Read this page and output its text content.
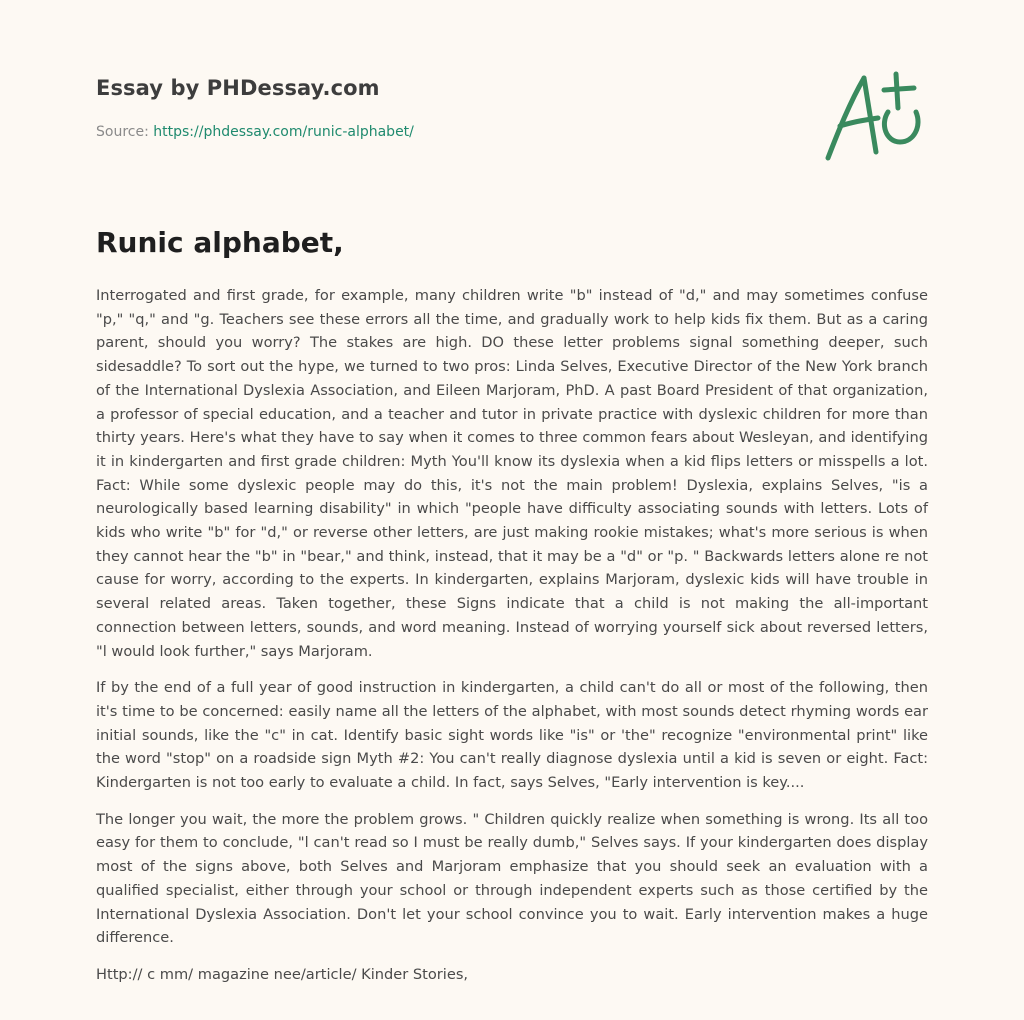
Essay by PHDessay.com

Source: https://phdessay.com/runic-alphabet/

Runic alphabet,

Interrogated and first grade, for example, many children write "b" instead of "d," and may sometimes confuse "p," "q," and "g. Teachers see these errors all the time, and gradually work to help kids fix them. But as a caring parent, should you worry? The stakes are high. DO these letter problems signal something deeper, such sidesaddle? To sort out the hype, we turned to two pros: Linda Selves, Executive Director of the New York branch of the International Dyslexia Association, and Eileen Marjoram, PhD. A past Board President of that organization, a professor of special education, and a teacher and tutor in private practice with dyslexic children for more than thirty years. Here's what they have to say when it comes to three common fears about Wesleyan, and identifying it in kindergarten and first grade children: Myth You'll know its dyslexia when a kid flips letters or misspells a lot. Fact: While some dyslexic people may do this, it's not the main problem! Dyslexia, explains Selves, "is a neurologically based learning disability" in which "people have difficulty associating sounds with letters. Lots of kids who write "b" for "d," or reverse other letters, are just making rookie mistakes; what's more serious is when they cannot hear the "b" in "bear," and think, instead, that it may be a "d" or "p. " Backwards letters alone re not cause for worry, according to the experts. In kindergarten, explains Marjoram, dyslexic kids will have trouble in several related areas. Taken together, these Signs indicate that a child is not making the all-important connection between letters, sounds, and word meaning. Instead of worrying yourself sick about reversed letters, "l would look further," says Marjoram.

If by the end of a full year of good instruction in kindergarten, a child can't do all or most of the following, then it's time to be concerned: easily name all the letters of the alphabet, with most sounds detect rhyming words ear initial sounds, like the "c" in cat. Identify basic sight words like "is" or 'the" recognize "environmental print" like the word "stop" on a roadside sign Myth #2: You can't really diagnose dyslexia until a kid is seven or eight. Fact: Kindergarten is not too early to evaluate a child. In fact, says Selves, "Early intervention is key....

The longer you wait, the more the problem grows. " Children quickly realize when something is wrong. Its all too easy for them to conclude, "l can't read so I must be really dumb," Selves says. If your kindergarten does display most of the signs above, both Selves and Marjoram emphasize that you should seek an evaluation with a qualified specialist, either through your school or through independent experts such as those certified by the International Dyslexia Association. Don't let your school convince you to wait. Early intervention makes a huge difference.

Http:// c mm/ magazine nee/article/ Kinder Stories,
